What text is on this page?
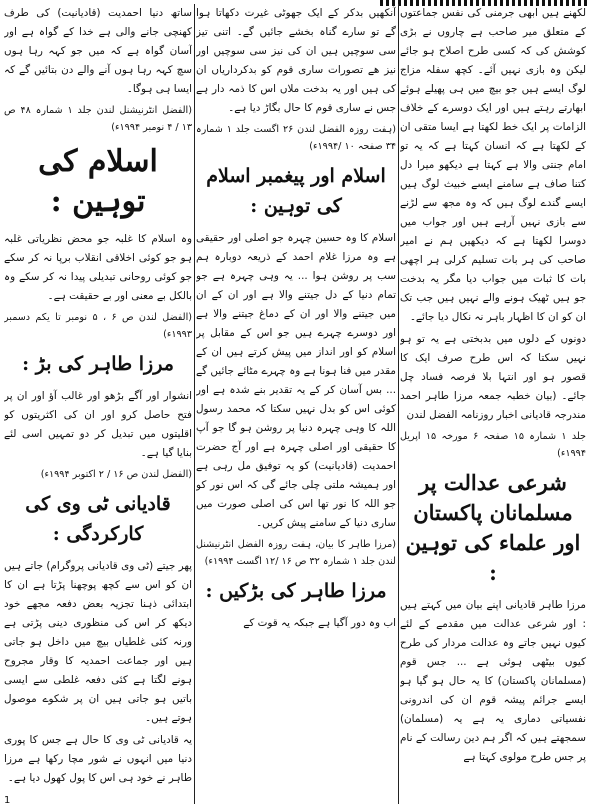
لکھنے ہیں ابھی جرمنی کی نفس جماعتوں کے متعلق میر صاحب ہے چاروں نے بڑی کوشش کی کہ کسی طرح اصلاح ہو جائے لیکن وہ بازی نہیں آئے۔ کچھ سفلہ مزاج لوگ ایسے ہیں جو بیچ میں ہی پھیلے ہوئے ابھارتے رہتے ہیں اور ایک دوسرے کے خلاف الزامات پر ایک خط لکھتا ہے ایسا متقی ان کے لکھتا ہے کہ انسان کہتا ہے کہ یہ تو امام جنتی والا ہے کہتا ہے دیکھو میرا دل کتنا صاف ہے سامنے ایسے خبیث لوگ ہیں ایسے گندے لوگ ہیں کہ وہ مجھ سے لڑنے سے بازی نہیں آرہے ہیں اور جواب میں دوسرا لکھتا ہے کہ دیکھیں ہم نے امیر صاحب کی ہر بات تسلیم کرلی ہر اچھی بات کا ثبات میں جواب دیا مگر یہ بدخت جو ہیں ٹھیک ہونے والے نہیں ہیں جب تک ان کو ان کا اظہار باہر نہ نکال دیا جائے۔

دونوں کے دلوں میں بدبختی ہے یہ تو ہو نہیں سکتا کہ اس طرح صرف ایک کا قصور ہو اور انتہا بلا فرصہ فساد چل جائے۔ (بیان خطبہ جمعہ مرزا طاہر احمد مندرجہ قادیانی اخبار روزنامہ الفضل لندن

جلد ۱ شمارہ ۱۵ صفحہ ۶ مورخہ ۱۵ اپریل ۱۹۹۴ء)

شرعی عدالت پر مسلمانان پاکستان اور علماء کی توہین :

مرزا طاہر قادیانی اپنے بیان میں کہتے ہیں : اور شرعی عدالت میں مقدمے کے لئے کیوں نہیں جاتے وہ عدالت مردار کی طرح کیوں بیٹھی ہوئی ہے ... جس قوم (مسلمانان پاکستان) کا یہ حال ہو گیا ہو ایسے جرائم پیشہ قوم ان کی اندرونی نفسیاتی دماری یہ ہے یہ (مسلمان) سمجھتے ہیں کہ اگر ہم دین رسالت کے نام پر جس طرح مولوی کہتا ہے

آنکھیں بدکر کے ایک جھوٹی غیرت دکھاتا ہوا گے تو سارے گناہ بخشے جائیں گے۔ اتنی تیز سی سوچیں ہیں ان کی نیز سی سوچیں اور نیز ھے تصورات ساری قوم کو بدکرداریاں ان کی ہیں اور یہ بدخت ملاں اس کا ذمہ دار ہے جس نے ساری قوم کا حال بگاڑ دیا ہے۔

(ہفت روزہ الفضل لندن ۲۶ اگست جلد ۱ شمارہ ۳۴ صفحہ ۱۰ /۱۹۹۴ء)

اسلام اور پیغمبر اسلام کی توہین :

اسلام کا وہ حسین چہرہ جو اصلی اور حقیقی ہے وہ مرزا غلام احمد کے ذریعہ دوبارہ ہم سب پر روشن ہوا ... یہ وہی چہرہ ہے جو تمام دنیا کے دل جیتنے والا ہے اور ان کے ان میں جیتنے والا اور ان کے دماغ جیتنے والا ہے اور دوسرے چہرے ہیں جو اس کے مقابل پر اسلام کو اور انداز میں پیش کرتے ہیں ان کے مقدر میں فنا ہونا ہے وہ چہرے مٹائے جائیں گے ... بس آسان کر کے یہ تقدیر بنے شدہ ہے اور کوئی اس کو بدل نہیں سکتا کہ محمد رسول اللہ کا وہی چہرہ دنیا پر روشن ہو گا جو آپ کا حقیقی اور اصلی چہرہ ہے اور آج حضرت احمدیت (قادیانیت) کو یہ توفیق مل رہی ہے اور ہمیشہ ملتی چلی جائے گی کہ اس نور کو جو اللہ کا نور تھا اس کی اصلی صورت میں ساری دنیا کے سامنے پیش کریں۔

(مرزا طاہر کا بیان، ہفت روزہ الفضل انٹرنیشنل لندن جلد ۱ شمارہ ۳۲ ص ۱۶ /۱۲ اگست ۱۹۹۴ء)

مرزا طاہر کی بڑکیں :

اب وہ دور آگیا ہے جبکہ یہ قوت کے

ساتھ دنیا احمدیت (قادیانیت) کی طرف کھنچی جانے والی ہے خدا کے گواہ ہے اور آسان گواہ ہے کہ میں جو کہہ رہا ہوں سچ کہہ رہا ہوں آنے والے دن بتائیں گے کہ ایسا ہی ہوگا۔

(الفضل انٹرنیشنل لندن جلد ۱ شمارہ ۴۸ ص ۱۳ / ۴ نومبر ۱۹۹۴ء)

اسلام کی توہین :

وہ اسلام کا غلبہ جو محض نظریاتی غلبہ ہو جو کوئی اخلاقی انقلاب برپا نہ کر سکے جو کوئی روحانی تبدیلی پیدا نہ کر سکے وہ بالکل بے معنی اور بے حقیقت ہے۔

(الفضل لندن ص ۶ ، ۵ نومبر تا یکم دسمبر ۱۹۹۳ء)

مرزا طاہر کی بڑ :

انشوار اور آگے بڑھو اور غالب آؤ اور ان پر فتح حاصل کرو اور ان کی اکثریتوں کو اقلیتوں میں تبدیل کر دو تمہیں اسی لئے بنایا گیا ہے۔

(الفضل لندن ص ۱۶ / ۲ اکتوبر ۱۹۹۴ء)

قادیانی ٹی وی کی کارکردگی :

پھر جیتے (ٹی وی قادیانی پروگرام) جاتے ہیں ان کو اس سے کچھ پوچھنا پڑتا ہے ان کا ابتدائی ذہنا تجزیہ بعض دفعہ مجھے خود دیکھ کر اس کی منظوری دینی پڑتی ہے ورنہ کئی غلطیاں بیچ میں داخل ہو جاتی ہیں اور جماعت احمدیہ کا وقار مجروح ہونے لگتا ہے کئی دفعہ غلطی سے ایسی باتیں ہو جاتی ہیں ان پر شکوے موصول ہوتے ہیں۔

یہ قادیانی ٹی وی کا حال ہے جس کا پوری دنیا میں انہوں نے شور مچا رکھا ہے مرزا طاہر نے خود ہی اس کا پول کھول دیا ہے۔

1
